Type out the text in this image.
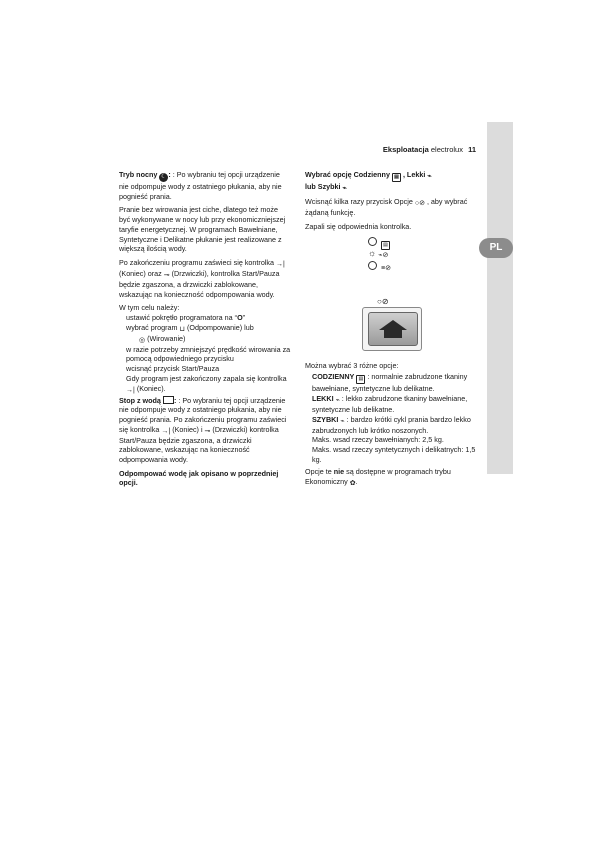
PL
Eksploatacja electrolux 11

Tryb nocny ☾ : : Po wybraniu tej opcji urządzenie nie odpompuje wody z ostatniego płukania, aby nie pognieść prania.

Pranie bez wirowania jest ciche, dlatego też może być wykonywane w nocy lub przy ekonomiczniejszej taryfie energetycznej. W programach Bawełniane, Syntetyczne i Delikatne płukanie jest realizowane z większą ilością wody.

Po zakończeniu programu zaświeci się kontrolka →| (Koniec) oraz ⊸ (Drzwiczki), kontrolka Start/Pauza będzie zgaszona, a drzwiczki zablokowane, wskazując na konieczność odpompowania wody.

W tym celu należy:

ustawić pokrętło programatora na “O”
wybrać program ⊔ (Odpompowanie) lub
◎ (Wirowanie)
w razie potrzeby zmniejszyć prędkość wirowania za pomocą odpowiedniego przycisku
wcisnąć przycisk Start/Pauza
Gdy program jest zakończony zapala się kontrolka →| (Koniec).

Stop z wodą : : Po wybraniu tej opcji urządzenie nie odpompuje wody z ostatniego płukania, aby nie pognieść prania. Po zakończeniu programu zaświeci się kontrolka →| (Koniec) i ⊸ (Drzwiczki) kontrolka Start/Pauza będzie zgaszona, a drzwiczki zablokowane, wskazując na konieczność odpompowania wody.

Odpompować wodę jak opisano w poprzedniej opcji.

Wybrać opcję Codzienny ▤ , Lekki ⌁
lub Szybki ⌁

Wcisnąć kilka razy przycisk Opcje ○⊘ , aby wybrać żądaną funkcję.

Zapali się odpowiednia kontrolka.

▤
☼ ⌁⊘
≡⊘
○⊘

Można wybrać 3 różne opcje:

CODZIENNY ▤ : normalnie zabrudzone tkaniny bawełniane, syntetyczne lub delikatne.
LEKKI ⌁ : lekko zabrudzone tkaniny bawełniane, syntetyczne lub delikatne.
SZYBKI ⌁ : bardzo krótki cykl prania bardzo lekko zabrudzonych lub krótko noszonych.
Maks. wsad rzeczy bawełnianych: 2,5 kg.
Maks. wsad rzeczy syntetycznych i delikatnych: 1,5 kg.

Opcje te nie są dostępne w programach trybu Ekonomiczny ✿.
